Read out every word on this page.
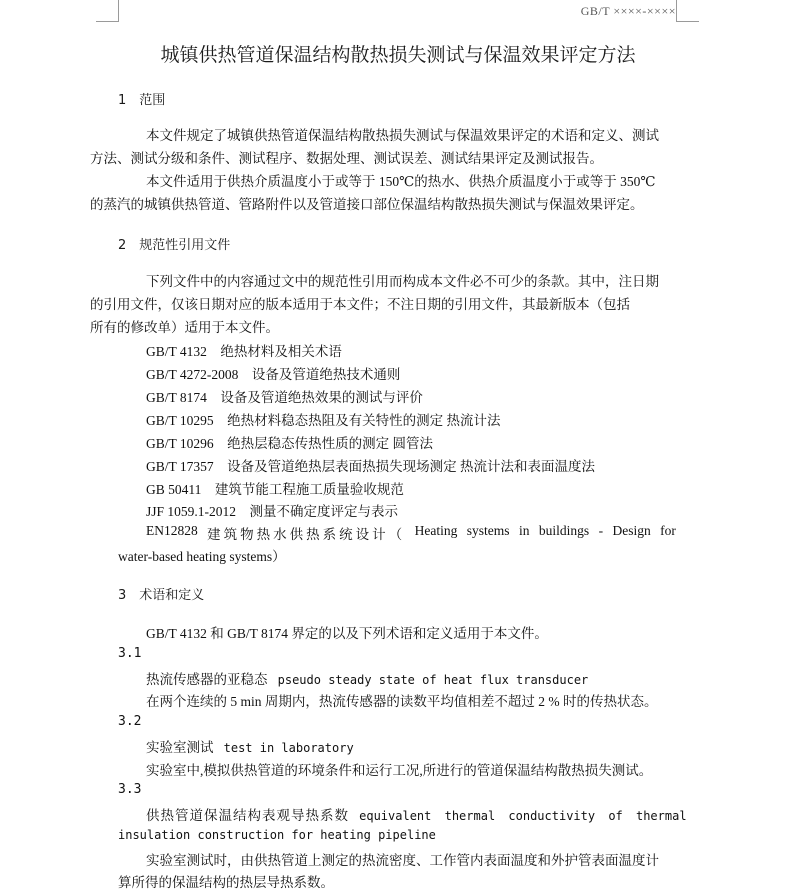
GB/T ××××-××××
城镇供热管道保温结构散热损失测试与保温效果评定方法
1　范围
本文件规定了城镇供热管道保温结构散热损失测试与保温效果评定的术语和定义、测试
方法、测试分级和条件、测试程序、数据处理、测试误差、测试结果评定及测试报告。
本文件适用于供热介质温度小于或等于 150℃的热水、供热介质温度小于或等于 350℃
的蒸汽的城镇供热管道、管路附件以及管道接口部位保温结构散热损失测试与保温效果评定。
2　规范性引用文件
下列文件中的内容通过文中的规范性引用而构成本文件必不可少的条款。其中，注日期
的引用文件，仅该日期对应的版本适用于本文件；不注日期的引用文件，其最新版本（包括
所有的修改单）适用于本文件。
GB/T 4132　绝热材料及相关术语
GB/T 4272-2008　设备及管道绝热技术通则
GB/T 8174　设备及管道绝热效果的测试与评价
GB/T 10295　绝热材料稳态热阻及有关特性的测定 热流计法
GB/T 10296　绝热层稳态传热性质的测定 圆管法
GB/T 17357　设备及管道绝热层表面热损失现场测定 热流计法和表面温度法
GB 50411　建筑节能工程施工质量验收规范
JJF 1059.1-2012　测量不确定度评定与表示
EN12828 建筑物热水供热系统设计（ Heating systems in buildings - Design for
water-based heating systems）
3　术语和定义
GB/T 4132 和 GB/T 8174 界定的以及下列术语和定义适用于本文件。
3.1
热流传感器的亚稳态 pseudo steady state of heat flux transducer
在两个连续的 5 min 周期内，热流传感器的读数平均值相差不超过 2 % 时的传热状态。
3.2
实验室测试 test in laboratory
实验室中,模拟供热管道的环境条件和运行工况,所进行的管道保温结构散热损失测试。
3.3
供热管道保温结构表观导热系数 equivalent thermal conductivity of thermal
insulation construction for heating pipeline
实验室测试时，由供热管道上测定的热流密度、工作管内表面温度和外护管表面温度计
算所得的保温结构的热层导热系数。
